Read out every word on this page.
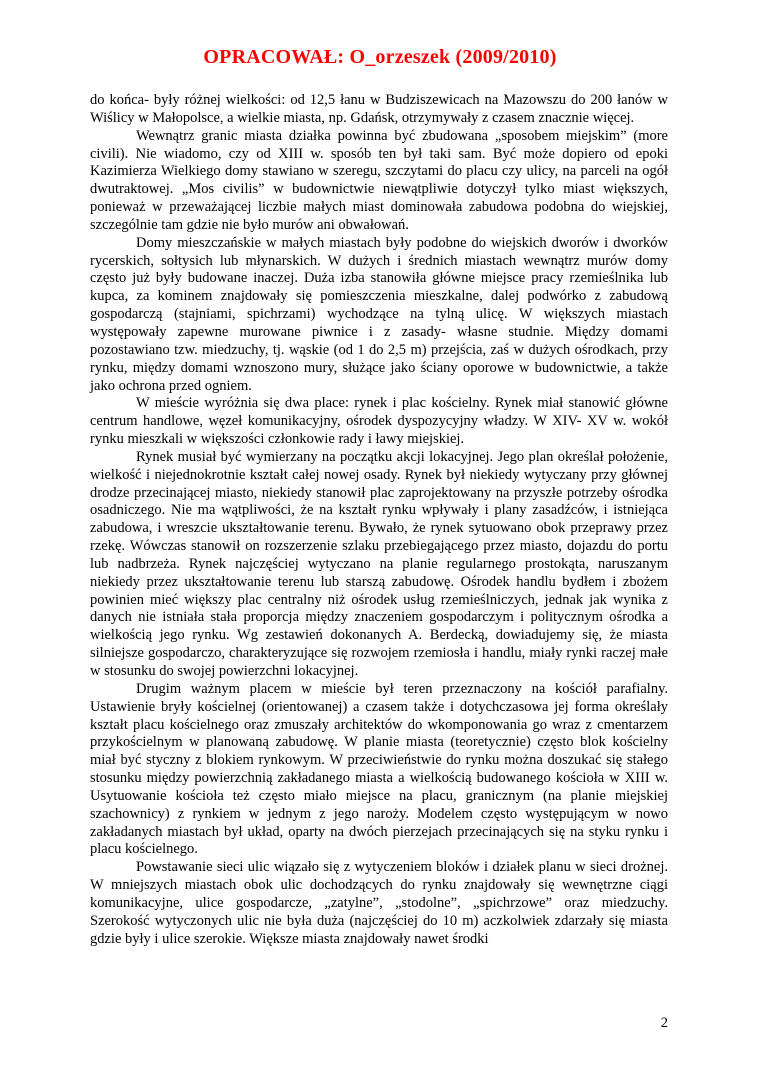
OPRACOWAŁ: O_orzeszek (2009/2010)

do końca- były różnej wielkości: od 12,5 łanu w Budziszewicach na Mazowszu do 200 łanów w Wiślicy w Małopolsce, a wielkie miasta, np. Gdańsk, otrzymywały z czasem znacznie więcej.

Wewnątrz granic miasta działka powinna być zbudowana „sposobem miejskim” (more civili). Nie wiadomo, czy od XIII w. sposób ten był taki sam. Być może dopiero od epoki Kazimierza Wielkiego domy stawiano w szeregu, szczytami do placu czy ulicy, na parceli na ogół dwutraktowej. „Mos civilis” w budownictwie niewątpliwie dotyczył tylko miast większych, ponieważ w przeważającej liczbie małych miast dominowała zabudowa podobna do wiejskiej, szczególnie tam gdzie nie było murów ani obwałowań.

Domy mieszczańskie w małych miastach były podobne do wiejskich dworów i dworków rycerskich, sołtysich lub młynarskich. W dużych i średnich miastach wewnątrz murów domy często już były budowane inaczej. Duża izba stanowiła główne miejsce pracy rzemieślnika lub kupca, za kominem znajdowały się pomieszczenia mieszkalne, dalej podwórko z zabudową gospodarczą (stajniami, spichrzami) wychodzące na tylną ulicę. W większych miastach występowały zapewne murowane piwnice i z zasady- własne studnie. Między domami pozostawiano tzw. miedzuchy, tj. wąskie (od 1 do 2,5 m) przejścia, zaś w dużych ośrodkach, przy rynku, między domami wznoszono mury, służące jako ściany oporowe w budownictwie, a także jako ochrona przed ogniem.

W mieście wyróżnia się dwa place: rynek i plac kościelny. Rynek miał stanowić główne centrum handlowe, węzeł komunikacyjny, ośrodek dyspozycyjny władzy. W XIV- XV w. wokół rynku mieszkali w większości członkowie rady i ławy miejskiej.

Rynek musiał być wymierzany na początku akcji lokacyjnej. Jego plan określał położenie, wielkość i niejednokrotnie kształt całej nowej osady. Rynek był niekiedy wytyczany przy głównej drodze przecinającej miasto, niekiedy stanowił plac zaprojektowany na przyszłe potrzeby ośrodka osadniczego. Nie ma wątpliwości, że na kształt rynku wpływały i plany zasadźców, i istniejąca zabudowa, i wreszcie ukształtowanie terenu. Bywało, że rynek sytuowano obok przeprawy przez rzekę. Wówczas stanowił on rozszerzenie szlaku przebiegającego przez miasto, dojazdu do portu lub nadbrzeża. Rynek najczęściej wytyczano na planie regularnego prostokąta, naruszanym niekiedy przez ukształtowanie terenu lub starszą zabudowę. Ośrodek handlu bydłem i zbożem powinien mieć większy plac centralny niż ośrodek usług rzemieślniczych, jednak jak wynika z danych nie istniała stała proporcja między znaczeniem gospodarczym i politycznym ośrodka a wielkością jego rynku. Wg zestawień dokonanych A. Berdecką, dowiadujemy się, że miasta silniejsze gospodarczo, charakteryzujące się rozwojem rzemiosła i handlu, miały rynki raczej małe w stosunku do swojej powierzchni lokacyjnej.

Drugim ważnym placem w mieście był teren przeznaczony na kościół parafialny. Ustawienie bryły kościelnej (orientowanej) a czasem także i dotychczasowa jej forma określały kształt placu kościelnego oraz zmuszały architektów do wkomponowania go wraz z cmentarzem przykościelnym w planowaną zabudowę. W planie miasta (teoretycznie) często blok kościelny miał być styczny z blokiem rynkowym. W przeciwieństwie do rynku można doszukać się stałego stosunku między powierzchnią zakładanego miasta a wielkością budowanego kościoła w XIII w. Usytuowanie kościoła też często miało miejsce na placu, granicznym (na planie miejskiej szachownicy) z rynkiem w jednym z jego naroży. Modelem często występującym w nowo zakładanych miastach był układ, oparty na dwóch pierzejach przecinających się na styku rynku i placu kościelnego.

Powstawanie sieci ulic wiązało się z wytyczeniem bloków i działek planu w sieci drożnej. W mniejszych miastach obok ulic dochodzących do rynku znajdowały się wewnętrzne ciągi komunikacyjne, ulice gospodarcze, „zatylne”, „stodolne”, „spichrzowe” oraz miedzuchy. Szerokość wytyczonych ulic nie była duża (najczęściej do 10 m) aczkolwiek zdarzały się miasta gdzie były i ulice szerokie. Większe miasta znajdowały nawet środki

2
